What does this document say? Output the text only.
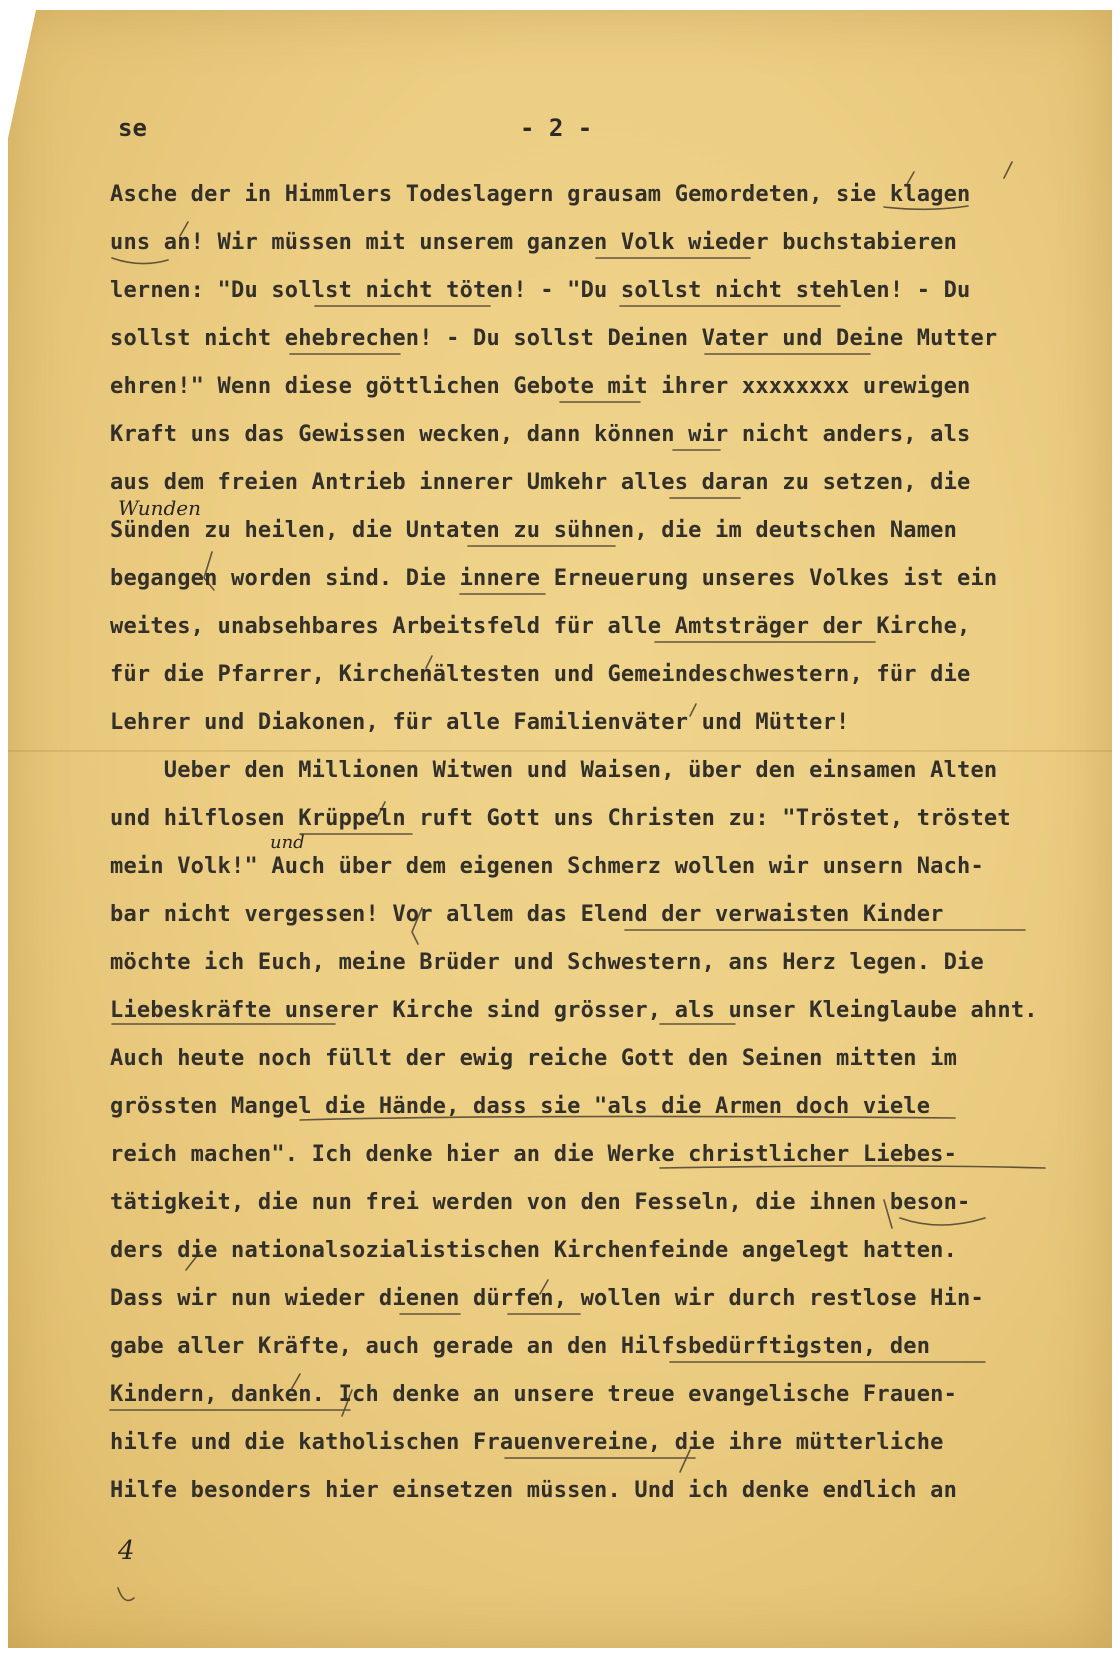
se	- 2 -

Asche der in Himmlers Todeslagern grausam Gemordeten, sie klagen

uns an! Wir müssen mit unserem ganzen Volk wieder buchstabieren

lernen: "Du sollst nicht töten! - "Du sollst nicht stehlen! - Du

sollst nicht ehebrechen! - Du sollst Deinen Vater und Deine Mutter

ehren!" Wenn diese göttlichen Gebote mit ihrer xxxxxxxx urewigen

Kraft uns das Gewissen wecken, dann können wir nicht anders, als

aus dem freien Antrieb innerer Umkehr alles daran zu setzen, die

Sünden zu heilen, die Untaten zu sühnen, die im deutschen Namen

begangen worden sind. Die innere Erneuerung unseres Volkes ist ein

weites, unabsehbares Arbeitsfeld für alle Amtsträger der Kirche,

für die Pfarrer, Kirchenältesten und Gemeindeschwestern, für die

Lehrer und Diakonen, für alle Familienväter und Mütter!

Ueber den Millionen Witwen und Waisen, über den einsamen Alten

und hilflosen Krüppeln ruft Gott uns Christen zu: "Tröstet, tröstet

mein Volk!" Auch über dem eigenen Schmerz wollen wir unsern Nach-

bar nicht vergessen! Vor allem das Elend der verwaisten Kinder

möchte ich Euch, meine Brüder und Schwestern, ans Herz legen. Die

Liebeskräfte unserer Kirche sind grösser, als unser Kleinglaube ahnt.

Auch heute noch füllt der ewig reiche Gott den Seinen mitten im

grössten Mangel die Hände, dass sie "als die Armen doch viele

reich machen". Ich denke hier an die Werke christlicher Liebes-

tätigkeit, die nun frei werden von den Fesseln, die ihnen beson-

ders die nationalsozialistischen Kirchenfeinde angelegt hatten.

Dass wir nun wieder dienen dürfen, wollen wir durch restlose Hin-

gabe aller Kräfte, auch gerade an den Hilfsbedürftigsten, den

Kindern, danken. Ich denke an unsere treue evangelische Frauen-

hilfe und die katholischen Frauenvereine, die ihre mütterliche

Hilfe besonders hier einsetzen müssen. Und ich denke endlich an

Wunden

und

4
